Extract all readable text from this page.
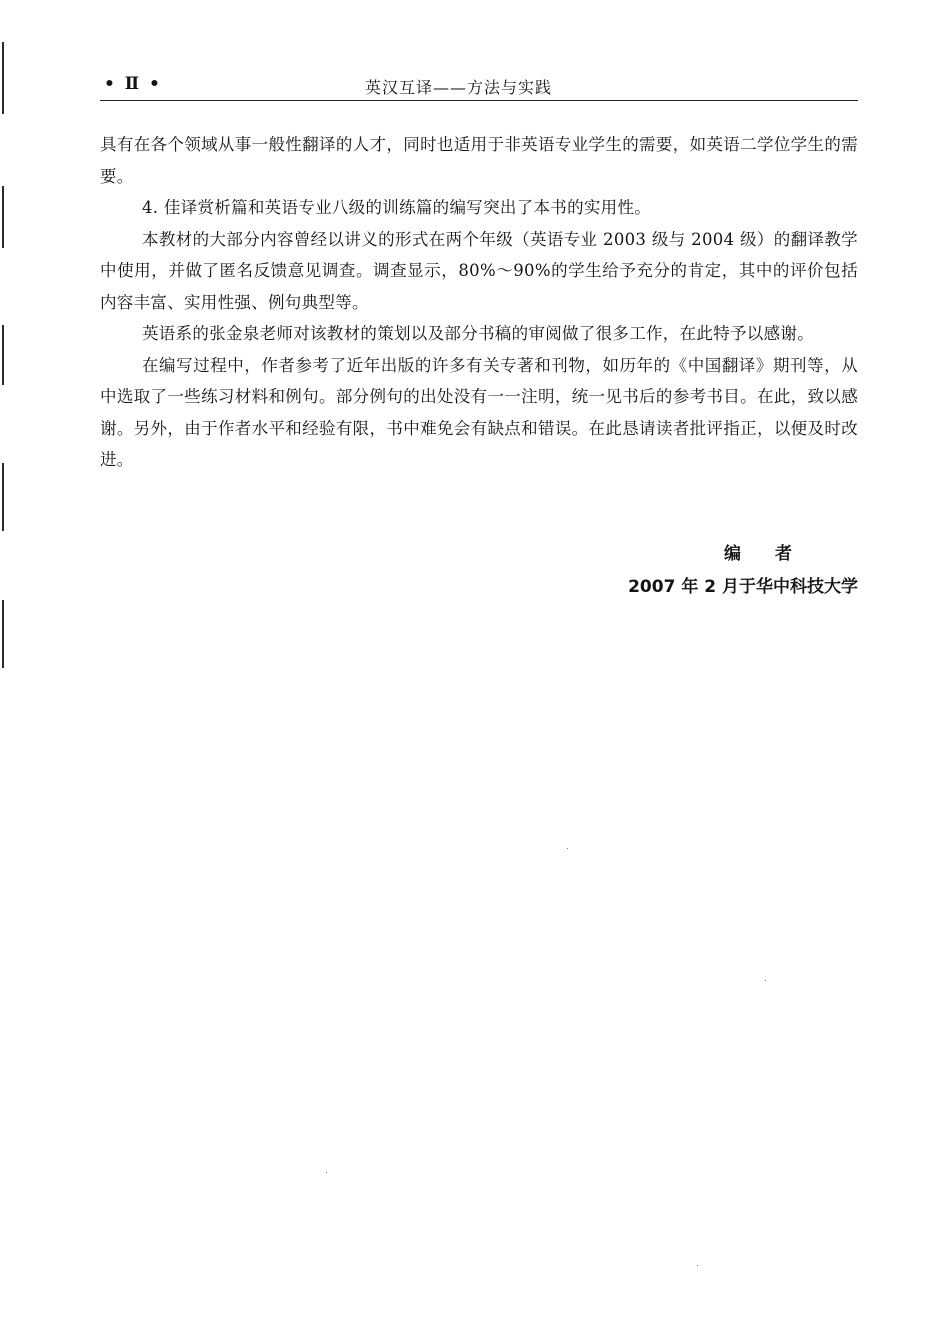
• Ⅱ •	英汉互译——方法与实践

具有在各个领域从事一般性翻译的人才，同时也适用于非英语专业学生的需要，如英语二学位学生的需要。

4. 佳译赏析篇和英语专业八级的训练篇的编写突出了本书的实用性。

本教材的大部分内容曾经以讲义的形式在两个年级（英语专业 2003 级与 2004 级）的翻译教学中使用，并做了匿名反馈意见调查。调查显示，80%～90%的学生给予充分的肯定，其中的评价包括内容丰富、实用性强、例句典型等。

英语系的张金泉老师对该教材的策划以及部分书稿的审阅做了很多工作，在此特予以感谢。

在编写过程中，作者参考了近年出版的许多有关专著和刊物，如历年的《中国翻译》期刊等，从中选取了一些练习材料和例句。部分例句的出处没有一一注明，统一见书后的参考书目。在此，致以感谢。另外，由于作者水平和经验有限，书中难免会有缺点和错误。在此恳请读者批评指正，以便及时改进。

编者
2007 年 2 月于华中科技大学
